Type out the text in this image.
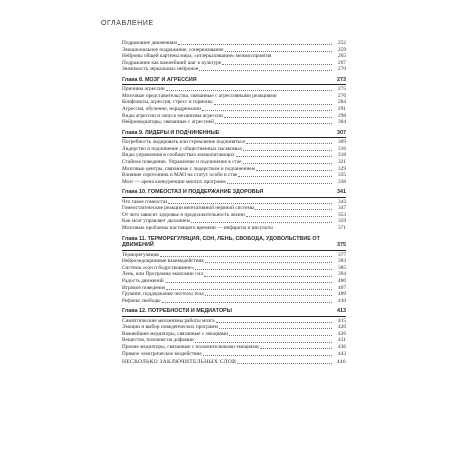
ОГЛАВЛЕНИЕ
Подражание движениям	252
Эмоциональное подражание, сопереживание	259
Нейроны общей картины мира, «отзеркаливание» межвосприятия	265
Подражание как важнейший шаг к культуре	267
Значимость зеркальных нейронов	270
Глава 8. МОЗГ И АГРЕССИЯ	273
Причины агрессии	275
Мозговые представительства, связанные с агрессивными реакциями	276
Конфликты, агрессия, стресс и гормоны	284
Агрессия, обучение, норадреналин	291
Виды агрессии и запуск механизма агрессии	298
Нейромедиаторы, связанные с агрессией	304
Глава 9. ЛИДЕРЫ И ПОДЧИНЕННЫЕ	307
Потребность лидировать или стремление подчиняться	309
Лидерство и подчинение у общественных насекомых	316
Виды управления в сообществах млекопитающих	318
Стайное поведение. Управление и подчинение в стае	321
Мозговые центры, связанные с лидерством и подчинением	329
Влияние серотонина и МАО на статус особи в стае	335
Мозг — арена конкуренции многих программ	338
Глава 10. ГОМЕОСТАЗ И ПОДДЕРЖАНИЕ ЗДОРОВЬЯ	341
Что такое гомеостаз	343
Гомеостатические реакции вегетативной нервной системы	347
От чего зависит здоровье и продолжительность жизни	353
Как мозг управляет дыханием	359
Мозговые проблемы настоящего времени — инфаркты и инсульты	371
Глава 11. ТЕРМОРЕГУЛЯЦИЯ, СОН, ЛЕНЬ, СВОБОДА, УДОВОЛЬСТВИЕ ОТ ДВИЖЕНИЙ	375
Терморегуляция	377
Нейроэндокринные взаимодействия	383
Система «сон и бодрствование»	385
Лень, или Программа экономии сил	394
Радость движений	400
Игровое поведение	407
Груминг, поддержание чистоты тела	409
Рефлекс свободы	410
Глава 12. ПОТРЕБНОСТИ И МЕДИАТОРЫ	413
Синаптические механизмы работы мозга	415
Эмоции и выбор поведенческих программ	420
Важнейшие медиаторы, связанные с эмоциями	426
Вещества, похожие на дофамин	431
Прочие медиаторы, связанные с положительными эмоциями	436
Прямое электрическое воздействие	443
НЕСКОЛЬКО ЗАКЛЮЧИТЕЛЬНЫХ СЛОВ	446
